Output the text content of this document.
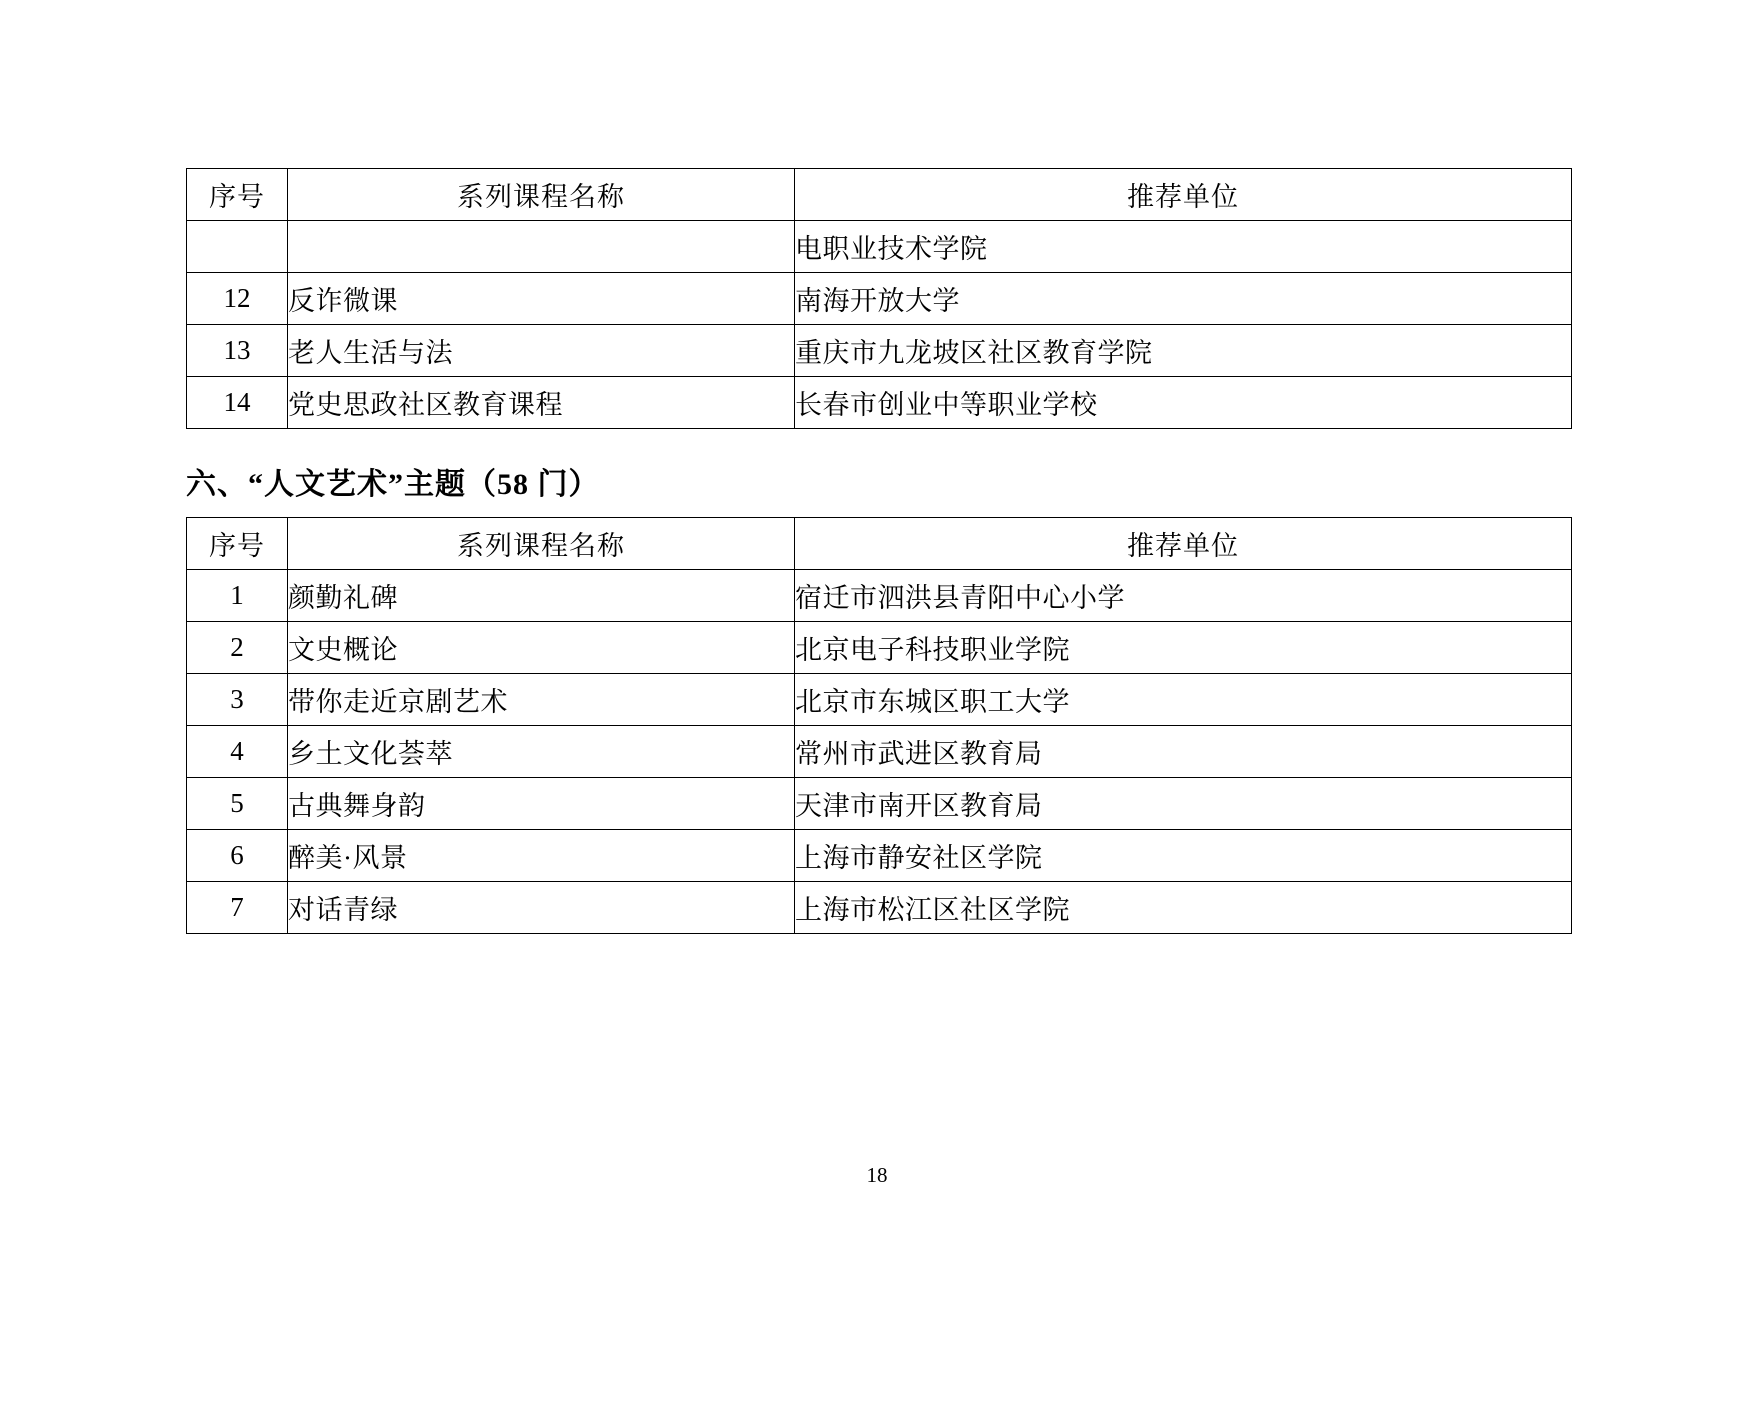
序号	系列课程名称	推荐单位
		电职业技术学院
12	反诈微课	南海开放大学
13	老人生活与法	重庆市九龙坡区社区教育学院
14	党史思政社区教育课程	长春市创业中等职业学校
六、“人文艺术”主题（58 门）
序号	系列课程名称	推荐单位
1	颜勤礼碑	宿迁市泗洪县青阳中心小学
2	文史概论	北京电子科技职业学院
3	带你走近京剧艺术	北京市东城区职工大学
4	乡土文化荟萃	常州市武进区教育局
5	古典舞身韵	天津市南开区教育局
6	醉美·风景	上海市静安社区学院
7	对话青绿	上海市松江区社区学院
18
